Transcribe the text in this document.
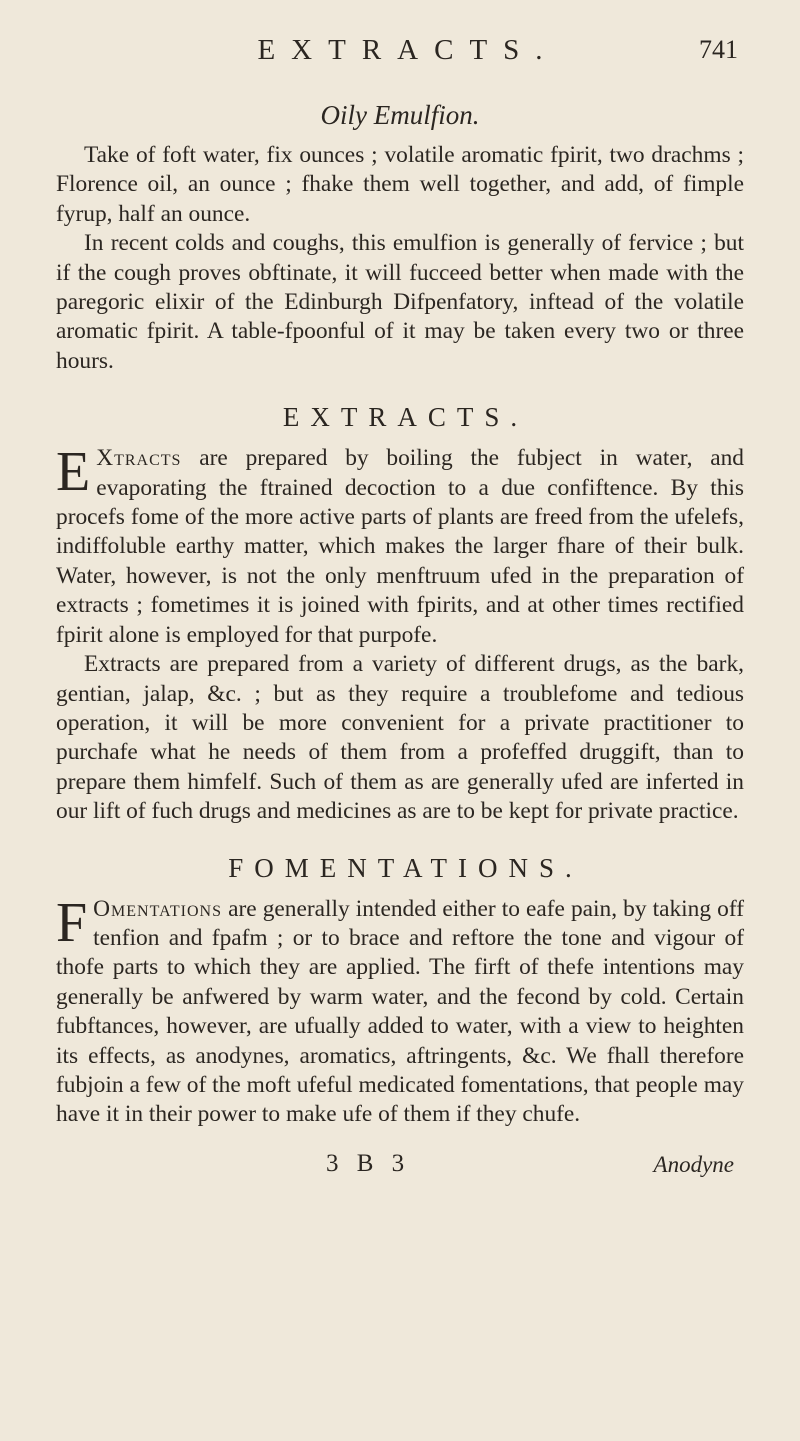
EXTRACTS.	741
Oily Emulfion.

Take of foft water, fix ounces ; volatile aromatic fpirit, two drachms ; Florence oil, an ounce ; fhake them well together, and add, of fimple fyrup, half an ounce.

In recent colds and coughs, this emulfion is generally of fervice ; but if the cough proves obftinate, it will fucceed better when made with the paregoric elixir of the Edinburgh Difpenfatory, inftead of the volatile aromatic fpirit. A table-fpoonful of it may be taken every two or three hours.

EXTRACTS.

E Xtracts are prepared by boiling the fubject in water, and evaporating the ftrained decoction to a due confiftence. By this procefs fome of the more active parts of plants are freed from the ufelefs, indiffoluble earthy matter, which makes the larger fhare of their bulk. Water, however, is not the only menftruum ufed in the preparation of extracts ; fometimes it is joined with fpirits, and at other times rectified fpirit alone is employed for that purpofe.

Extracts are prepared from a variety of different drugs, as the bark, gentian, jalap, &c. ; but as they require a troublefome and tedious operation, it will be more convenient for a private practitioner to purchafe what he needs of them from a profeffed druggift, than to prepare them himfelf. Such of them as are generally ufed are inferted in our lift of fuch drugs and medicines as are to be kept for private practice.

FOMENTATIONS.

F Omentations are generally intended either to eafe pain, by taking off tenfion and fpafm ; or to brace and reftore the tone and vigour of thofe parts to which they are applied. The firft of thefe intentions may generally be anfwered by warm water, and the fecond by cold. Certain fubftances, however, are ufually added to water, with a view to heighten its effects, as anodynes, aromatics, aftringents, &c. We fhall therefore fubjoin a few of the moft ufeful medicated fomentations, that people may have it in their power to make ufe of them if they chufe.

3 B 3	Anodyne
